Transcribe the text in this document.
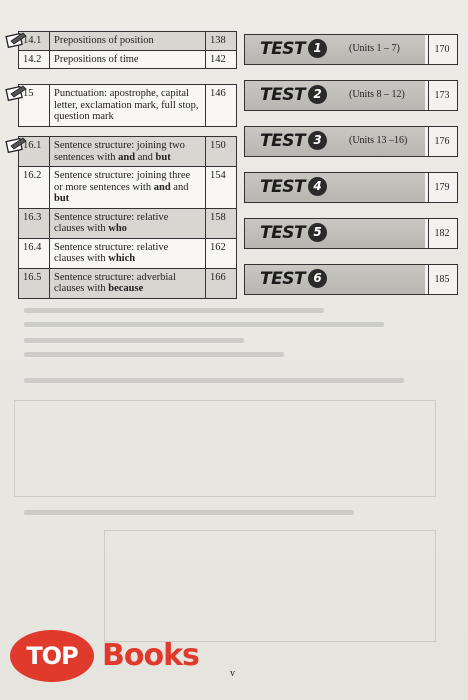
14.1	Prepositions of position	138
14.2	Prepositions of time	142
15	Punctuation: apostrophe, capital letter, exclamation mark, full stop, question mark	146
16.1	Sentence structure: joining two sentences with and and but	150
16.2	Sentence structure: joining three or more sentences with and and but	154
16.3	Sentence structure: relative clauses with who	158
16.4	Sentence structure: relative clauses with which	162
16.5	Sentence structure: adverbial clauses with because	166
TEST 1	(Units 1 – 7)	170
TEST 2	(Units 8 – 12)	173
TEST 3	(Units 13 –16)	176
TEST 4	179
TEST 5	182
TEST 6	185
v
TOP Books
